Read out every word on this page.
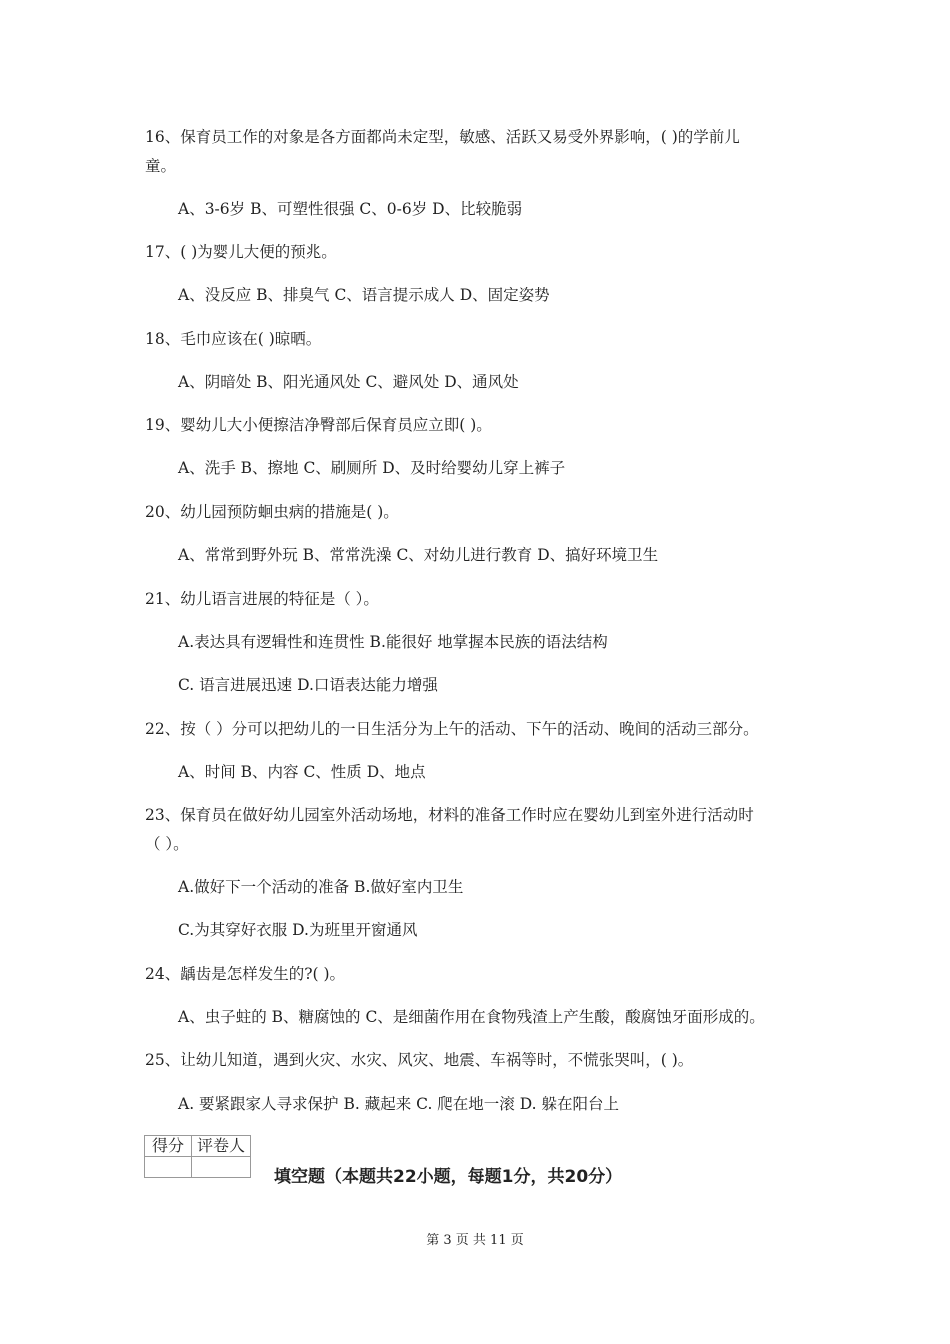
16、保育员工作的对象是各方面都尚未定型，敏感、活跃又易受外界影响，( )的学前儿
童。
A、3-6岁 B、可塑性很强 C、0-6岁 D、比较脆弱
17、( )为婴儿大便的预兆。
A、没反应 B、排臭气 C、语言提示成人 D、固定姿势
18、毛巾应该在( )晾晒。
A、阴暗处 B、阳光通风处 C、避风处 D、通风处
19、婴幼儿大小便擦洁净臀部后保育员应立即( )。
A、洗手 B、擦地 C、刷厕所 D、及时给婴幼儿穿上裤子
20、幼儿园预防蛔虫病的措施是( )。
A、常常到野外玩 B、常常洗澡 C、对幼儿进行教育 D、搞好环境卫生
21、幼儿语言进展的特征是（ ）。
A.表达具有逻辑性和连贯性 B.能很好 地掌握本民族的语法结构
C. 语言进展迅速 D.口语表达能力增强
22、按（ ）分可以把幼儿的一日生活分为上午的活动、下午的活动、晚间的活动三部分。
A、时间 B、内容 C、性质 D、地点
23、保育员在做好幼儿园室外活动场地，材料的准备工作时应在婴幼儿到室外进行活动时
（ ）。
A.做好下一个活动的准备 B.做好室内卫生
C.为其穿好衣服 D.为班里开窗通风
24、龋齿是怎样发生的?( )。
A、虫子蛀的 B、糖腐蚀的 C、是细菌作用在食物残渣上产生酸，酸腐蚀牙面形成的。
25、让幼儿知道，遇到火灾、水灾、风灾、地震、车祸等时，不慌张哭叫，( )。
A. 要紧跟家人寻求保护 B. 藏起来 C. 爬在地一滚 D. 躲在阳台上
得分	评卷人

填空题（本题共22小题，每题1分，共20分）
第 3 页 共 11 页
